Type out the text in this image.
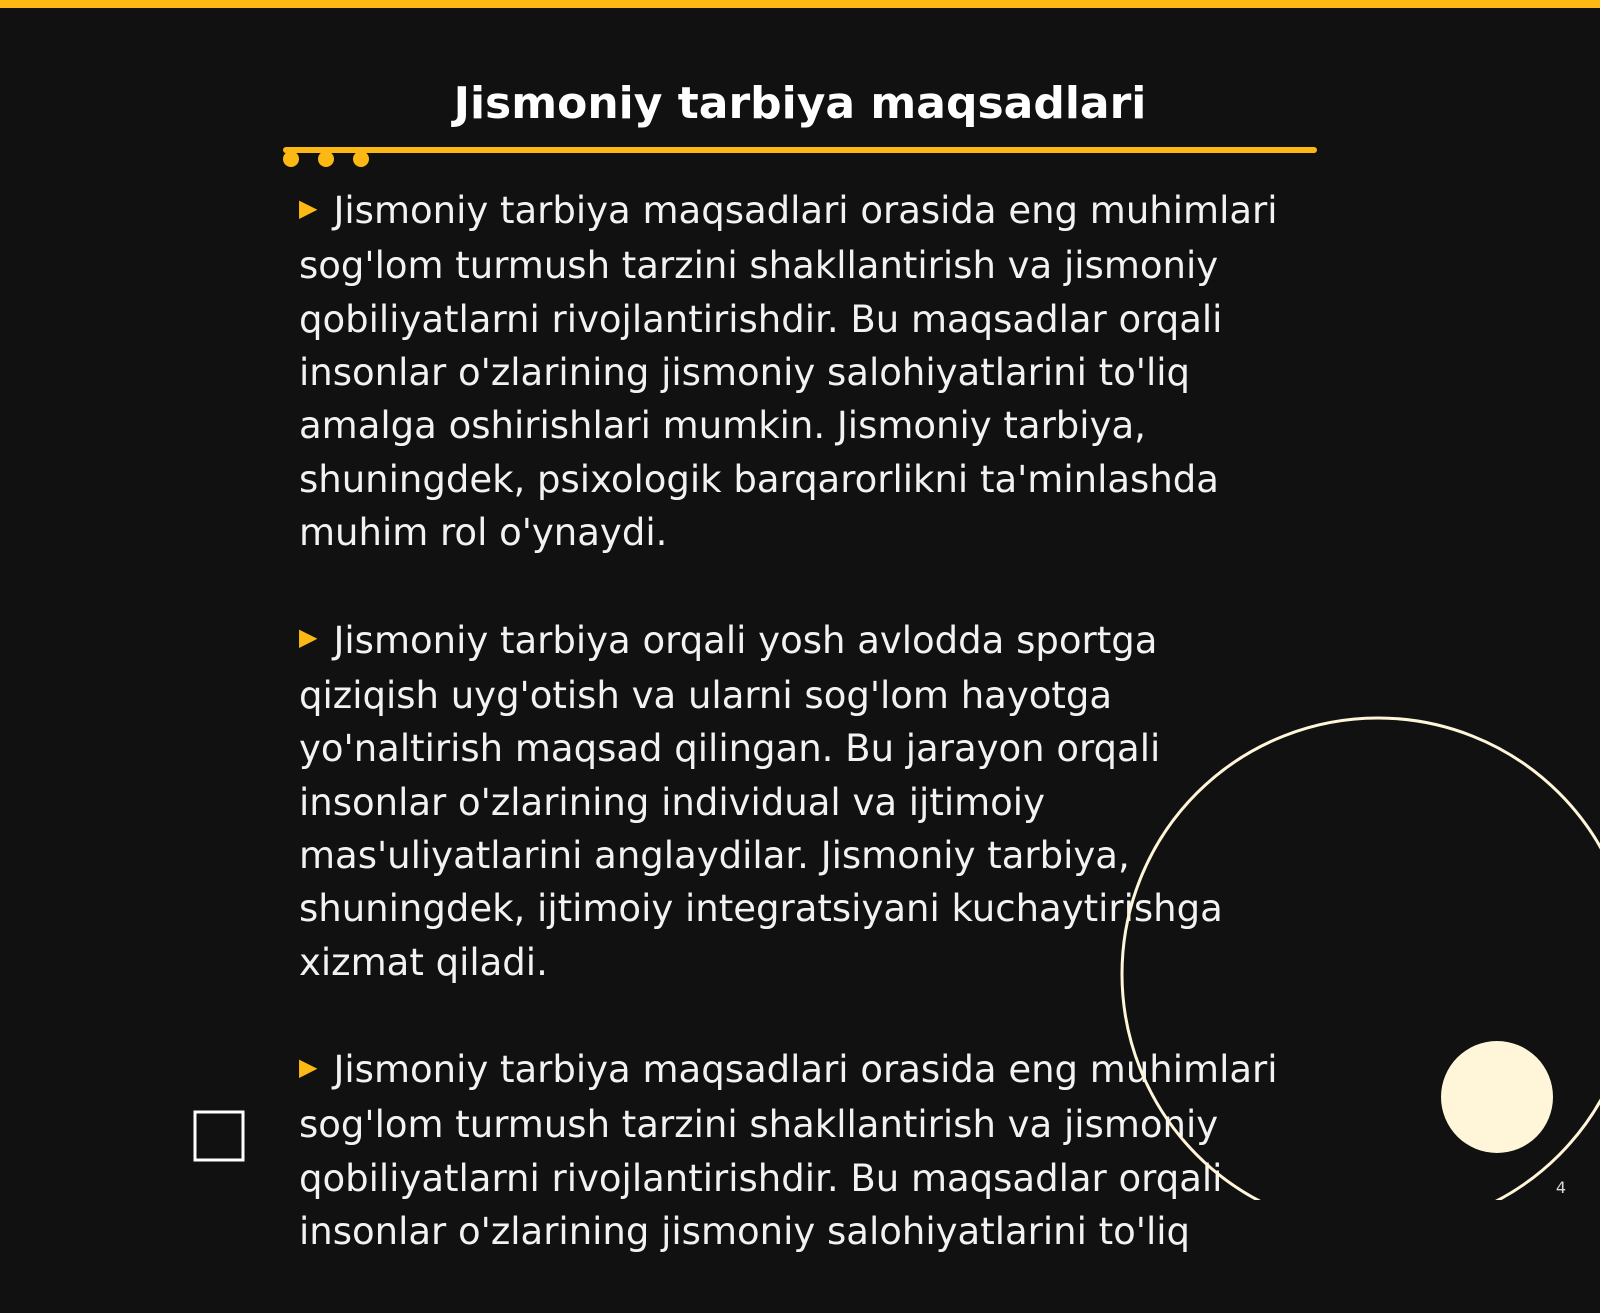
Jismoniy tarbiya maqsadlari
▶ Jismoniy tarbiya maqsadlari orasida eng muhimlari sog'lom turmush tarzini shakllantirish va jismoniy qobiliyatlarni rivojlantirishdir. Bu maqsadlar orqali insonlar o'zlarining jismoniy salohiyatlarini to'liq amalga oshirishlari mumkin. Jismoniy tarbiya, shuningdek, psixologik barqarorlikni ta'minlashda muhim rol o'ynaydi.
▶ Jismoniy tarbiya orqali yosh avlodda sportga qiziqish uyg'otish va ularni sog'lom hayotga yo'naltirish maqsad qilingan. Bu jarayon orqali insonlar o'zlarining individual va ijtimoiy mas'uliyatlarini anglaydilar. Jismoniy tarbiya, shuningdek, ijtimoiy integratsiyani kuchaytirishga xizmat qiladi.
▶ Jismoniy tarbiya maqsadlari orasida eng muhimlari sog'lom turmush tarzini shakllantirish va jismoniy qobiliyatlarni rivojlantirishdir. Bu maqsadlar orqali insonlar o'zlarining jismoniy salohiyatlarini to'liq
4
